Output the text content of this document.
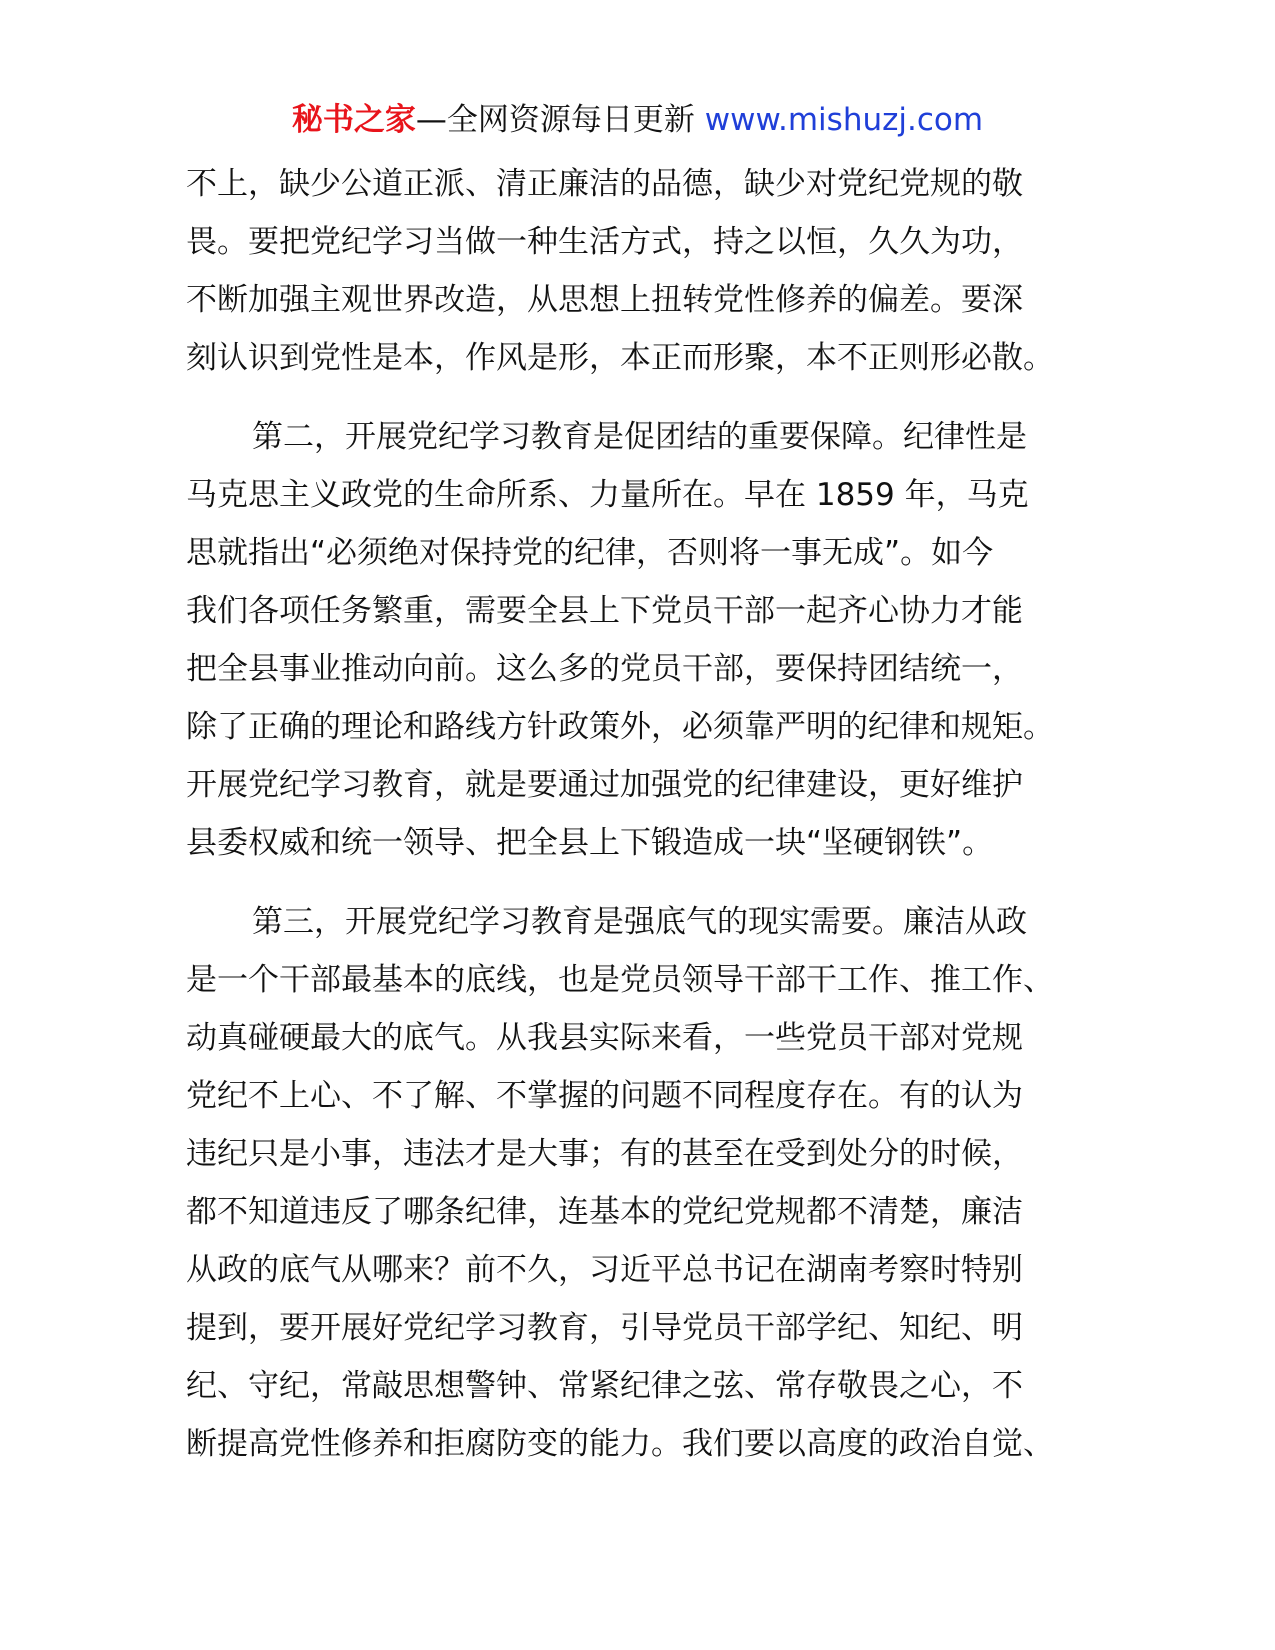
秘书之家—全网资源每日更新 www.mishuzj.com
不上，缺少公道正派、清正廉洁的品德，缺少对党纪党规的敬
畏。要把党纪学习当做一种生活方式，持之以恒，久久为功，
不断加强主观世界改造，从思想上扭转党性修养的偏差。要深
刻认识到党性是本，作风是形，本正而形聚，本不正则形必散。
第二，开展党纪学习教育是促团结的重要保障。纪律性是
马克思主义政党的生命所系、力量所在。早在 1859 年，马克
思就指出“必须绝对保持党的纪律，否则将一事无成”。如今
我们各项任务繁重，需要全县上下党员干部一起齐心协力才能
把全县事业推动向前。这么多的党员干部，要保持团结统一，
除了正确的理论和路线方针政策外，必须靠严明的纪律和规矩。
开展党纪学习教育，就是要通过加强党的纪律建设，更好维护
县委权威和统一领导、把全县上下锻造成一块“坚硬钢铁”。
第三，开展党纪学习教育是强底气的现实需要。廉洁从政
是一个干部最基本的底线，也是党员领导干部干工作、推工作、
动真碰硬最大的底气。从我县实际来看，一些党员干部对党规
党纪不上心、不了解、不掌握的问题不同程度存在。有的认为
违纪只是小事，违法才是大事；有的甚至在受到处分的时候，
都不知道违反了哪条纪律，连基本的党纪党规都不清楚，廉洁
从政的底气从哪来？前不久，习近平总书记在湖南考察时特别
提到，要开展好党纪学习教育，引导党员干部学纪、知纪、明
纪、守纪，常敲思想警钟、常紧纪律之弦、常存敬畏之心，不
断提高党性修养和拒腐防变的能力。我们要以高度的政治自觉、
